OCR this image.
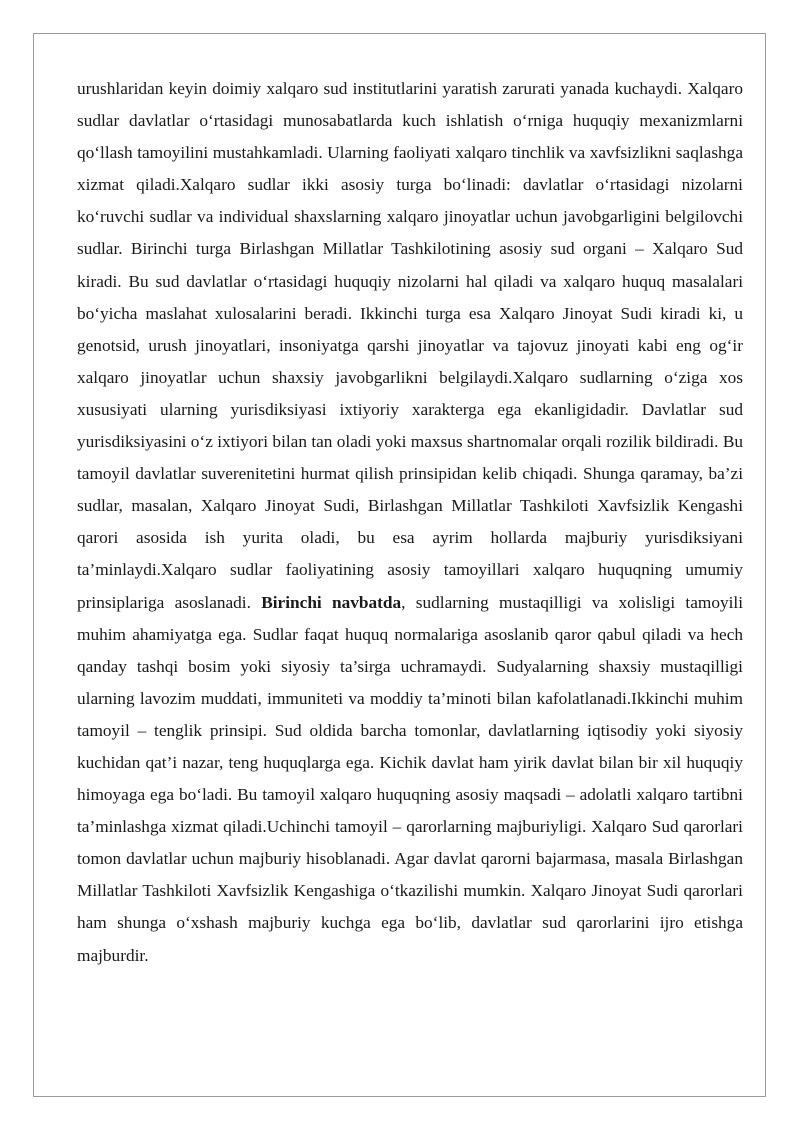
urushlaridan keyin doimiy xalqaro sud institutlarini yaratish zarurati yanada kuchaydi. Xalqaro sudlar davlatlar o‘rtasidagi munosabatlarda kuch ishlatish o‘rniga huquqiy mexanizmlarni qo‘llash tamoyilini mustahkamladi. Ularning faoliyati xalqaro tinchlik va xavfsizlikni saqlashga xizmat qiladi.Xalqaro sudlar ikki asosiy turga bo‘linadi: davlatlar o‘rtasidagi nizolarni ko‘ruvchi sudlar va individual shaxslarning xalqaro jinoyatlar uchun javobgarligini belgilovchi sudlar. Birinchi turga Birlashgan Millatlar Tashkilotining asosiy sud organi – Xalqaro Sud kiradi. Bu sud davlatlar o‘rtasidagi huquqiy nizolarni hal qiladi va xalqaro huquq masalalari bo‘yicha maslahat xulosalarini beradi. Ikkinchi turga esa Xalqaro Jinoyat Sudi kiradi ki, u genotsid, urush jinoyatlari, insoniyatga qarshi jinoyatlar va tajovuz jinoyati kabi eng og‘ir xalqaro jinoyatlar uchun shaxsiy javobgarlikni belgilaydi.Xalqaro sudlarning o‘ziga xos xususiyati ularning yurisdiksiyasi ixtiyoriy xarakterga ega ekanligidadir. Davlatlar sud yurisdiksiyasini o‘z ixtiyori bilan tan oladi yoki maxsus shartnomalar orqali rozilik bildiradi. Bu tamoyil davlatlar suverenitetini hurmat qilish prinsipidan kelib chiqadi. Shunga qaramay, ba’zi sudlar, masalan, Xalqaro Jinoyat Sudi, Birlashgan Millatlar Tashkiloti Xavfsizlik Kengashi qarori asosida ish yurita oladi, bu esa ayrim hollarda majburiy yurisdiksiyani ta’minlaydi.Xalqaro sudlar faoliyatining asosiy tamoyillari xalqaro huquqning umumiy prinsiplariga asoslanadi. Birinchi navbatda, sudlarning mustaqilligi va xolisligi tamoyili muhim ahamiyatga ega. Sudlar faqat huquq normalariga asoslanib qaror qabul qiladi va hech qanday tashqi bosim yoki siyosiy ta’sirga uchramaydi. Sudyalarning shaxsiy mustaqilligi ularning lavozim muddati, immuniteti va moddiy ta’minoti bilan kafolatlanadi.Ikkinchi muhim tamoyil – tenglik prinsipi. Sud oldida barcha tomonlar, davlatlarning iqtisodiy yoki siyosiy kuchidan qat’i nazar, teng huquqlarga ega. Kichik davlat ham yirik davlat bilan bir xil huquqiy himoyaga ega bo‘ladi. Bu tamoyil xalqaro huquqning asosiy maqsadi – adolatli xalqaro tartibni ta’minlashga xizmat qiladi.Uchinchi tamoyil – qarorlarning majburiyligi. Xalqaro Sud qarorlari tomon davlatlar uchun majburiy hisoblanadi. Agar davlat qarorni bajarmasa, masala Birlashgan Millatlar Tashkiloti Xavfsizlik Kengashiga o‘tkazilishi mumkin. Xalqaro Jinoyat Sudi qarorlari ham shunga o‘xshash majburiy kuchga ega bo‘lib, davlatlar sud qarorlarini ijro etishga majburdir.
